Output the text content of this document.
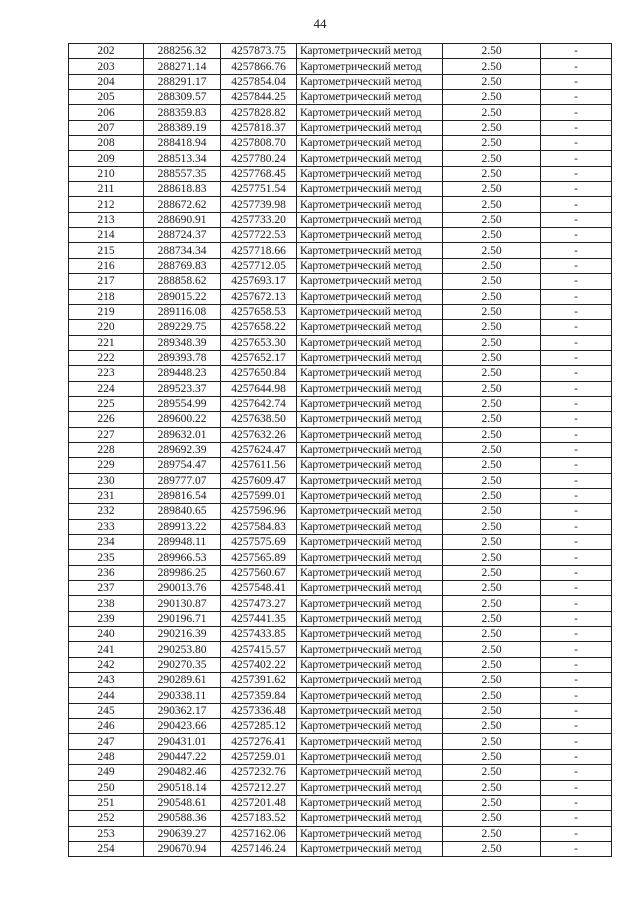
44
202	288256.32	4257873.75	Картометрический метод	2.50	-
203	288271.14	4257866.76	Картометрический метод	2.50	-
204	288291.17	4257854.04	Картометрический метод	2.50	-
205	288309.57	4257844.25	Картометрический метод	2.50	-
206	288359.83	4257828.82	Картометрический метод	2.50	-
207	288389.19	4257818.37	Картометрический метод	2.50	-
208	288418.94	4257808.70	Картометрический метод	2.50	-
209	288513.34	4257780.24	Картометрический метод	2.50	-
210	288557.35	4257768.45	Картометрический метод	2.50	-
211	288618.83	4257751.54	Картометрический метод	2.50	-
212	288672.62	4257739.98	Картометрический метод	2.50	-
213	288690.91	4257733.20	Картометрический метод	2.50	-
214	288724.37	4257722.53	Картометрический метод	2.50	-
215	288734.34	4257718.66	Картометрический метод	2.50	-
216	288769.83	4257712.05	Картометрический метод	2.50	-
217	288858.62	4257693.17	Картометрический метод	2.50	-
218	289015.22	4257672.13	Картометрический метод	2.50	-
219	289116.08	4257658.53	Картометрический метод	2.50	-
220	289229.75	4257658.22	Картометрический метод	2.50	-
221	289348.39	4257653.30	Картометрический метод	2.50	-
222	289393.78	4257652.17	Картометрический метод	2.50	-
223	289448.23	4257650.84	Картометрический метод	2.50	-
224	289523.37	4257644.98	Картометрический метод	2.50	-
225	289554.99	4257642.74	Картометрический метод	2.50	-
226	289600.22	4257638.50	Картометрический метод	2.50	-
227	289632.01	4257632.26	Картометрический метод	2.50	-
228	289692.39	4257624.47	Картометрический метод	2.50	-
229	289754.47	4257611.56	Картометрический метод	2.50	-
230	289777.07	4257609.47	Картометрический метод	2.50	-
231	289816.54	4257599.01	Картометрический метод	2.50	-
232	289840.65	4257596.96	Картометрический метод	2.50	-
233	289913.22	4257584.83	Картометрический метод	2.50	-
234	289948.11	4257575.69	Картометрический метод	2.50	-
235	289966.53	4257565.89	Картометрический метод	2.50	-
236	289986.25	4257560.67	Картометрический метод	2.50	-
237	290013.76	4257548.41	Картометрический метод	2.50	-
238	290130.87	4257473.27	Картометрический метод	2.50	-
239	290196.71	4257441.35	Картометрический метод	2.50	-
240	290216.39	4257433.85	Картометрический метод	2.50	-
241	290253.80	4257415.57	Картометрический метод	2.50	-
242	290270.35	4257402.22	Картометрический метод	2.50	-
243	290289.61	4257391.62	Картометрический метод	2.50	-
244	290338.11	4257359.84	Картометрический метод	2.50	-
245	290362.17	4257336.48	Картометрический метод	2.50	-
246	290423.66	4257285.12	Картометрический метод	2.50	-
247	290431.01	4257276.41	Картометрический метод	2.50	-
248	290447.22	4257259.01	Картометрический метод	2.50	-
249	290482.46	4257232.76	Картометрический метод	2.50	-
250	290518.14	4257212.27	Картометрический метод	2.50	-
251	290548.61	4257201.48	Картометрический метод	2.50	-
252	290588.36	4257183.52	Картометрический метод	2.50	-
253	290639.27	4257162.06	Картометрический метод	2.50	-
254	290670.94	4257146.24	Картометрический метод	2.50	-
